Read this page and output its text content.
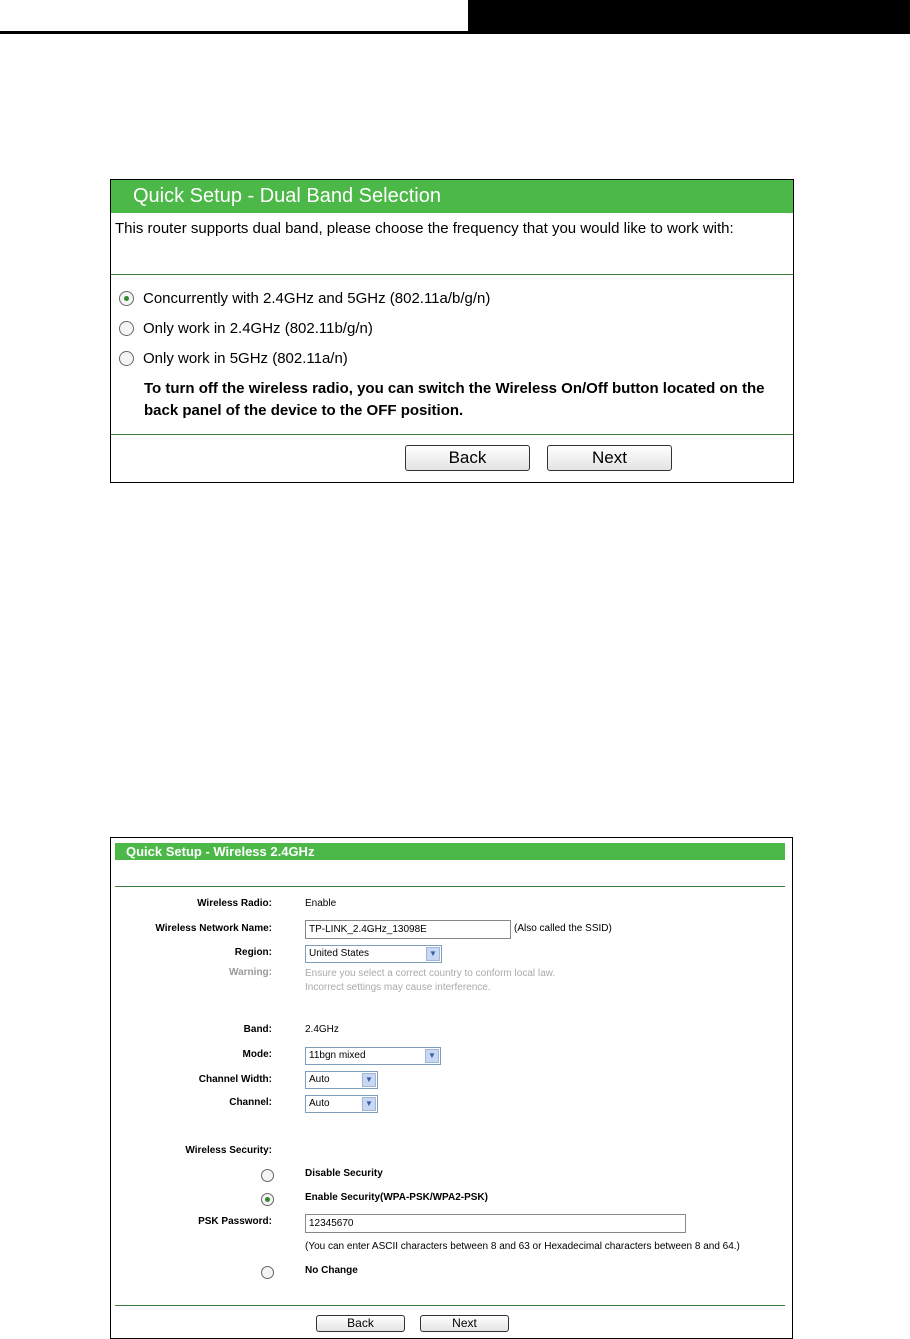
Quick Setup - Dual Band Selection
This router supports dual band, please choose the frequency that you would like to work with:
Concurrently with 2.4GHz and 5GHz (802.11a/b/g/n)
Only work in 2.4GHz (802.11b/g/n)
Only work in 5GHz (802.11a/n)
To turn off the wireless radio, you can switch the Wireless On/Off button located on the back panel of the device to the OFF position.
Back	Next
Quick Setup - Wireless 2.4GHz
Wireless Radio:	Enable
Wireless Network Name:	TP-LINK_2.4GHz_13098E	(Also called the SSID)
Region:	United States	▼
Warning:	Ensure you select a correct country to conform local law.
Incorrect settings may cause interference.
Band:	2.4GHz
Mode:	11bgn mixed	▼
Channel Width:	Auto	▼
Channel:	Auto	▼
Wireless Security:
Disable Security
Enable Security(WPA-PSK/WPA2-PSK)
PSK Password:	12345670
(You can enter ASCII characters between 8 and 63 or Hexadecimal characters between 8 and 64.)
No Change
Back	Next
